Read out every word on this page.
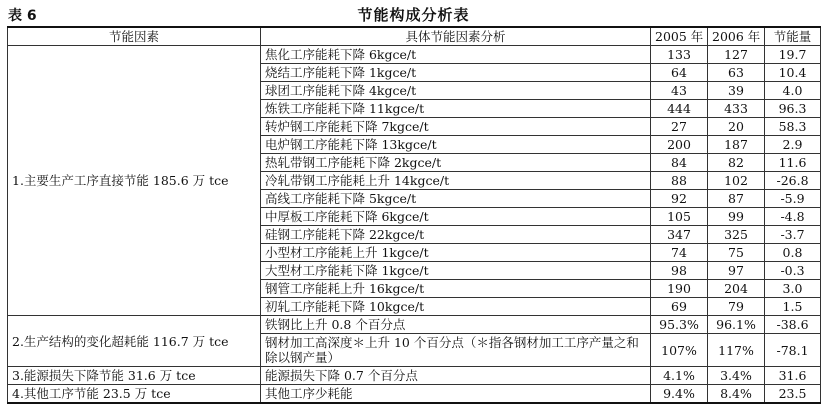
表 6	节能构成分析表
节能因素	具体节能因素分析	2005 年	2006 年	节能量
1.主要生产工序直接节能 185.6 万 tce	焦化工序能耗下降 6kgce/t	133	127	19.7
	烧结工序能耗下降 1kgce/t	64	63	10.4
	球团工序能耗下降 4kgce/t	43	39	4.0
	炼铁工序能耗下降 11kgce/t	444	433	96.3
	转炉钢工序能耗下降 7kgce/t	27	20	58.3
	电炉钢工序能耗下降 13kgce/t	200	187	2.9
	热轧带钢工序能耗下降 2kgce/t	84	82	11.6
	冷轧带钢工序能耗上升 14kgce/t	88	102	-26.8
	高线工序能耗下降 5kgce/t	92	87	-5.9
	中厚板工序能耗下降 6kgce/t	105	99	-4.8
	硅钢工序能耗下降 22kgce/t	347	325	-3.7
	小型材工序能耗上升 1kgce/t	74	75	0.8
	大型材工序能耗下降 1kgce/t	98	97	-0.3
	钢管工序能耗上升 16kgce/t	190	204	3.0
	初轧工序能耗下降 10kgce/t	69	79	1.5
2.生产结构的变化超耗能 116.7 万 tce	铁钢比上升 0.8 个百分点	95.3%	96.1%	-38.6
	钢材加工高深度＊上升 10 个百分点（＊指各钢材加工工序产量之和除以钢产量）	107%	117%	-78.1
3.能源损失下降节能 31.6 万 tce	能源损失下降 0.7 个百分点	4.1%	3.4%	31.6
4.其他工序节能 23.5 万 tce	其他工序少耗能	9.4%	8.4%	23.5
